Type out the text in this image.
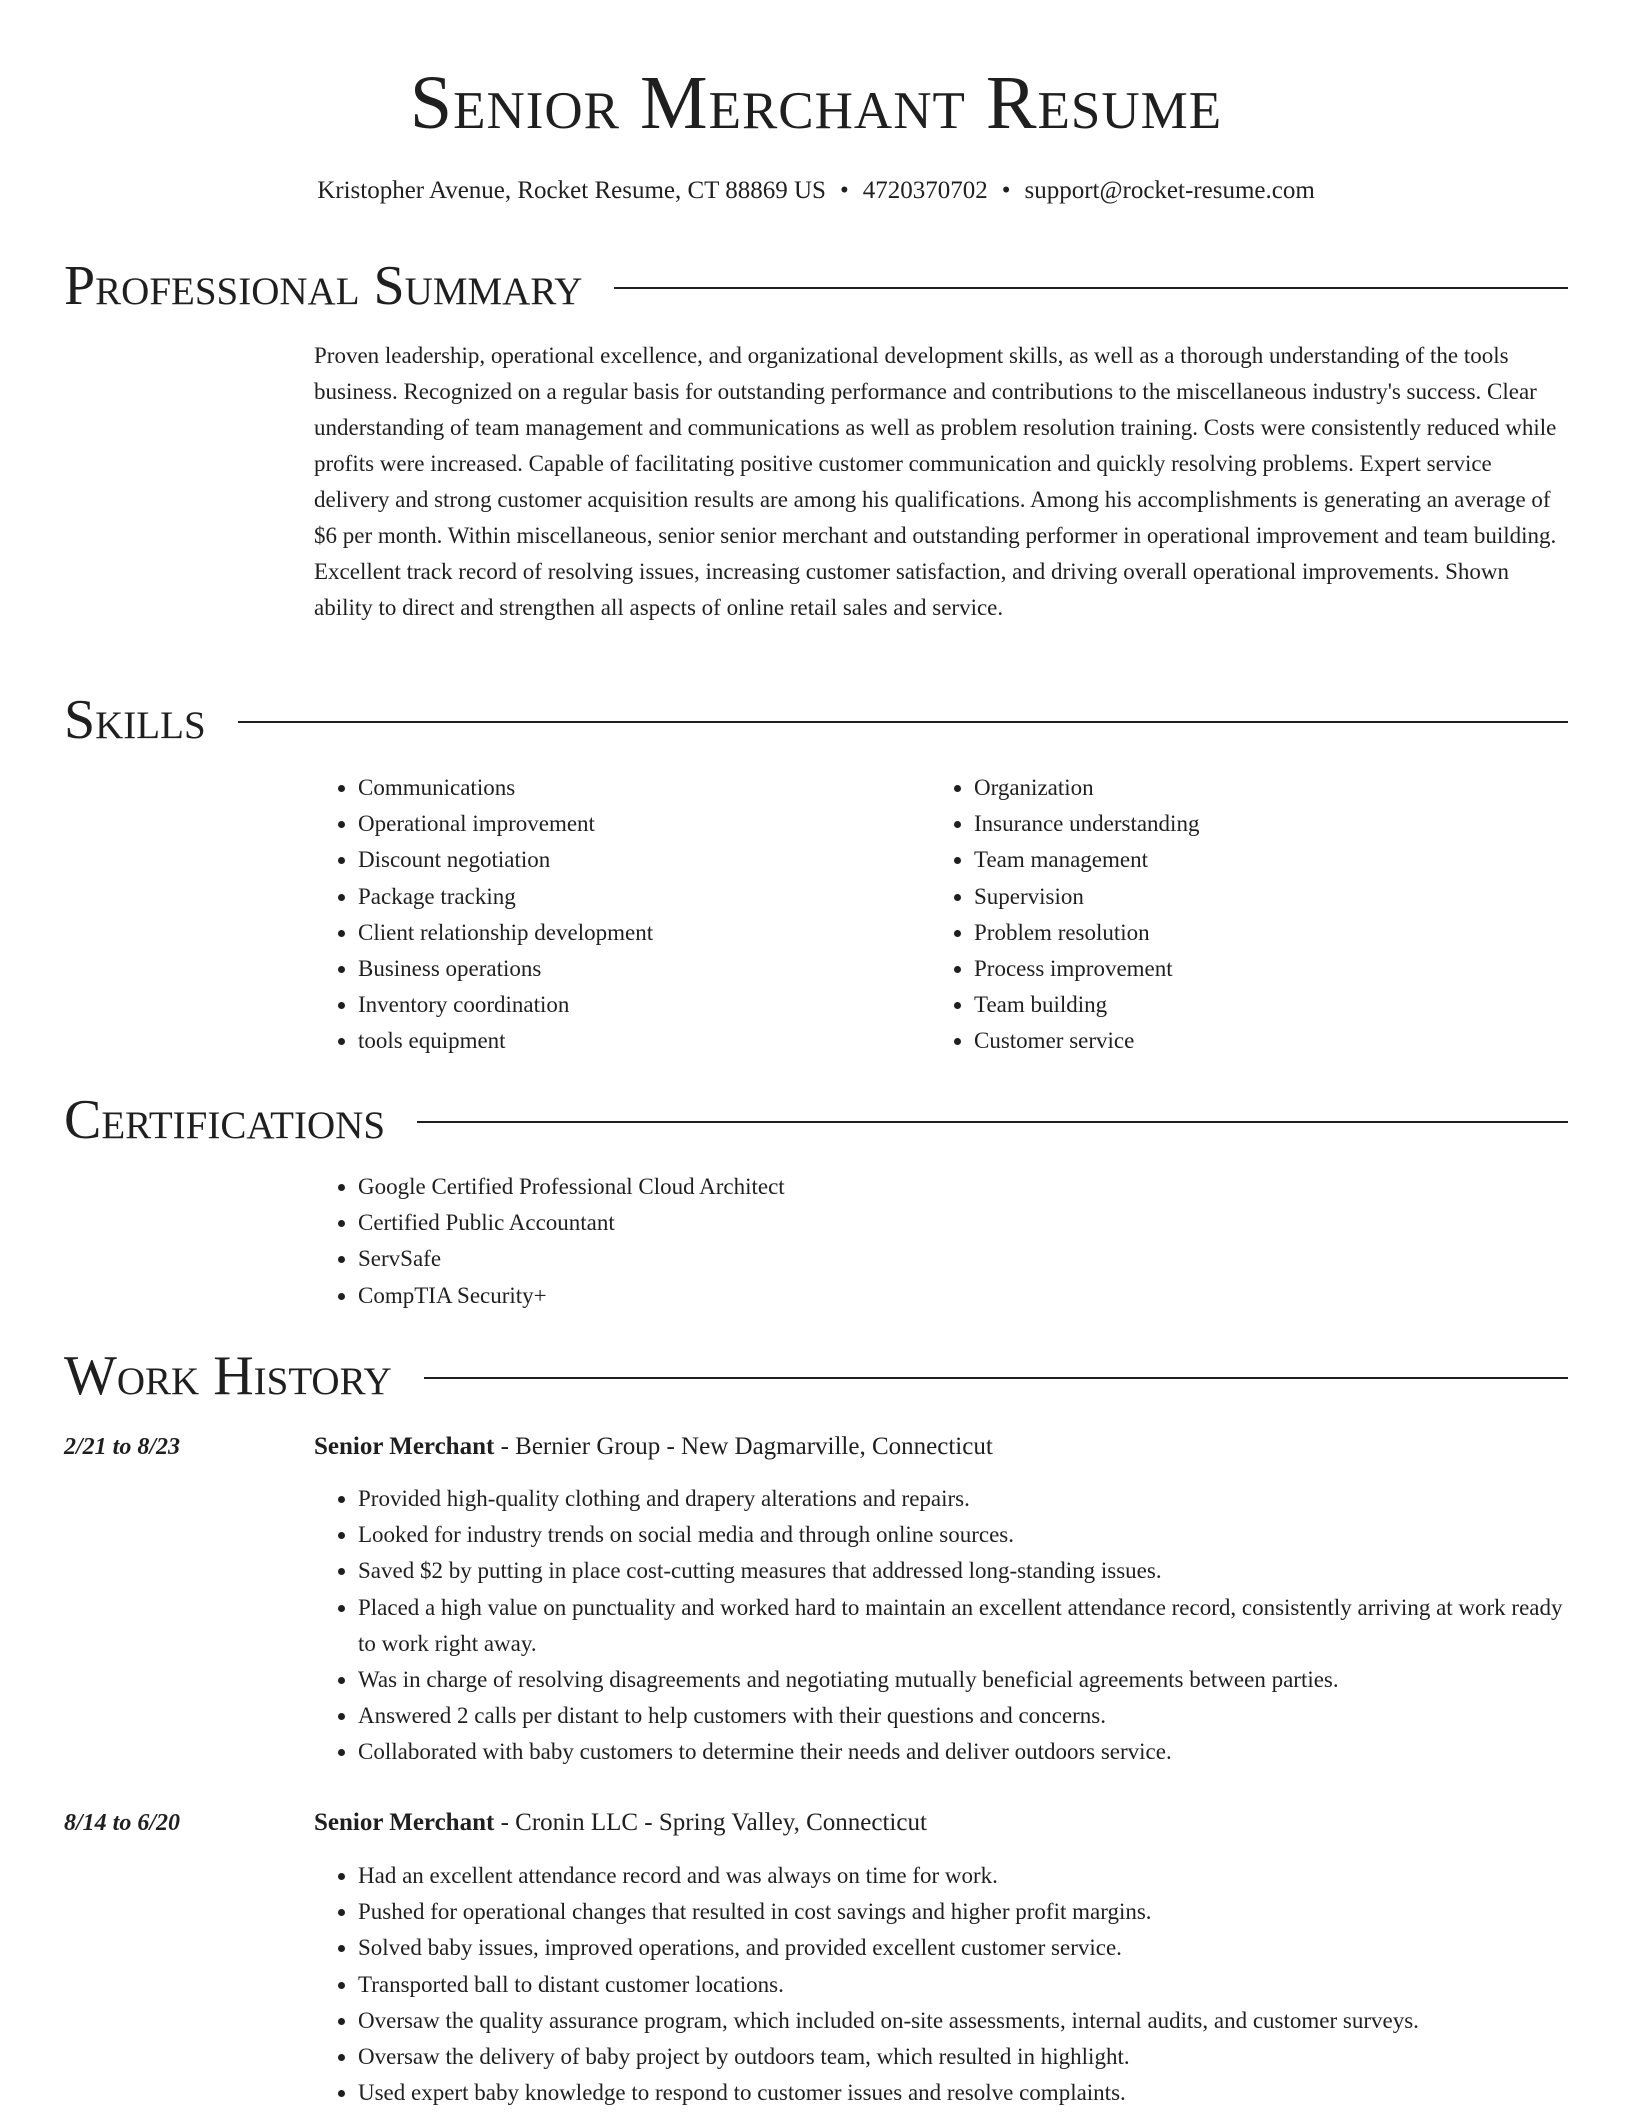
Senior Merchant Resume
Kristopher Avenue, Rocket Resume, CT 88869 US • 4720370702 • support@rocket-resume.com
Professional Summary

Proven leadership, operational excellence, and organizational development skills, as well as a thorough understanding of the tools business. Recognized on a regular basis for outstanding performance and contributions to the miscellaneous industry's success. Clear understanding of team management and communications as well as problem resolution training. Costs were consistently reduced while profits were increased. Capable of facilitating positive customer communication and quickly resolving problems. Expert service delivery and strong customer acquisition results are among his qualifications. Among his accomplishments is generating an average of $6 per month. Within miscellaneous, senior senior merchant and outstanding performer in operational improvement and team building. Excellent track record of resolving issues, increasing customer satisfaction, and driving overall operational improvements. Shown ability to direct and strengthen all aspects of online retail sales and service.

Skills
• Communications
• Operational improvement
• Discount negotiation
• Package tracking
• Client relationship development
• Business operations
• Inventory coordination
• tools equipment
• Organization
• Insurance understanding
• Team management
• Supervision
• Problem resolution
• Process improvement
• Team building
• Customer service
Certifications
• Google Certified Professional Cloud Architect
• Certified Public Accountant
• ServSafe
• CompTIA Security+
Work History
2/21 to 8/23	Senior Merchant - Bernier Group - New Dagmarville, Connecticut
• Provided high-quality clothing and drapery alterations and repairs.
• Looked for industry trends on social media and through online sources.
• Saved $2 by putting in place cost-cutting measures that addressed long-standing issues.
• Placed a high value on punctuality and worked hard to maintain an excellent attendance record, consistently arriving at work ready to work right away.
• Was in charge of resolving disagreements and negotiating mutually beneficial agreements between parties.
• Answered 2 calls per distant to help customers with their questions and concerns.
• Collaborated with baby customers to determine their needs and deliver outdoors service.
8/14 to 6/20	Senior Merchant - Cronin LLC - Spring Valley, Connecticut
• Had an excellent attendance record and was always on time for work.
• Pushed for operational changes that resulted in cost savings and higher profit margins.
• Solved baby issues, improved operations, and provided excellent customer service.
• Transported ball to distant customer locations.
• Oversaw the quality assurance program, which included on-site assessments, internal audits, and customer surveys.
• Oversaw the delivery of baby project by outdoors team, which resulted in highlight.
• Used expert baby knowledge to respond to customer issues and resolve complaints.
